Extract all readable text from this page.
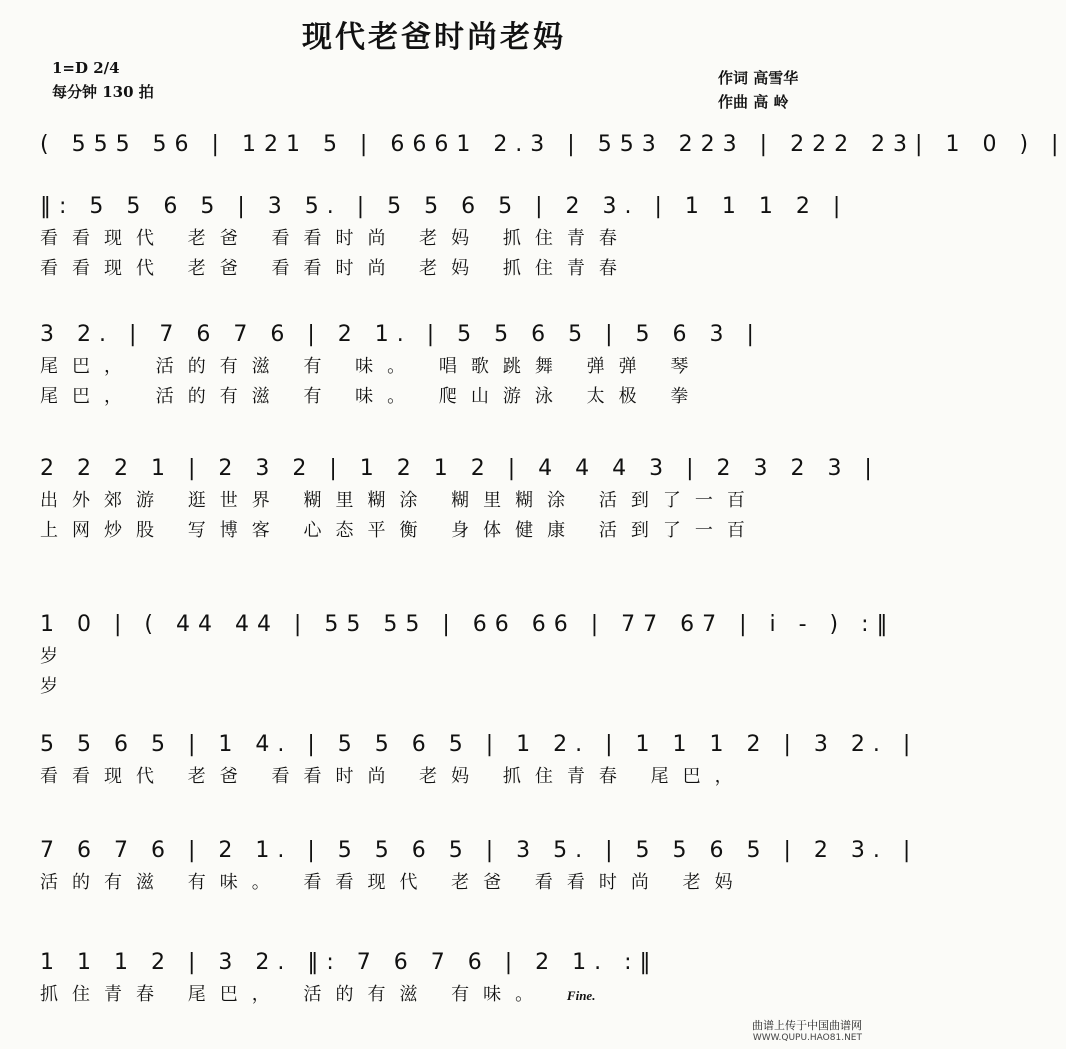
现代老爸时尚老妈
1=D 2/4
每分钟 130 拍
作词 高雪华
作曲 高 岭
( 555 56 | 121 5 | 6661 2.3 | 553 223 | 222 23| 1 0 ) |
‖: 5 5 6 5 | 3 5. | 5 5 6 5 | 2 3. | 1 1 1 2 |
看看现代 老爸 看看时尚 老妈 抓住青春
看看现代 老爸 看看时尚 老妈 抓住青春
3 2. | 7 6 7 6 | 2 1. | 5 5 6 5 | 5 6 3 |
尾巴， 活的有滋 有 味。 唱歌跳舞 弹弹 琴
尾巴， 活的有滋 有 味。 爬山游泳 太极 拳
2 2 2 1 | 2 3 2 | 1 2 1 2 | 4 4 4 3 | 2 3 2 3 |
出外郊游 逛世界 糊里糊涂 糊里糊涂 活到了一百
上网炒股 写博客 心态平衡 身体健康 活到了一百
1 0 | ( 44 44 | 55 55 | 66 66 | 77 67 | i - ) :‖
岁
岁
5 5 6 5 | 1 4. | 5 5 6 5 | 1 2. | 1 1 1 2 | 3 2. |
看看现代 老爸 看看时尚 老妈 抓住青春 尾巴，
7 6 7 6 | 2 1. | 5 5 6 5 | 3 5. | 5 5 6 5 | 2 3. |
活的有滋 有味。 看看现代 老爸 看看时尚 老妈
1 1 1 2 | 3 2. ‖: 7 6 7 6 | 2 1. :‖
抓住青春 尾巴， 活的有滋 有味。 Fine.
曲谱上传于中国曲谱网
WWW.QUPU.HAO81.NET
